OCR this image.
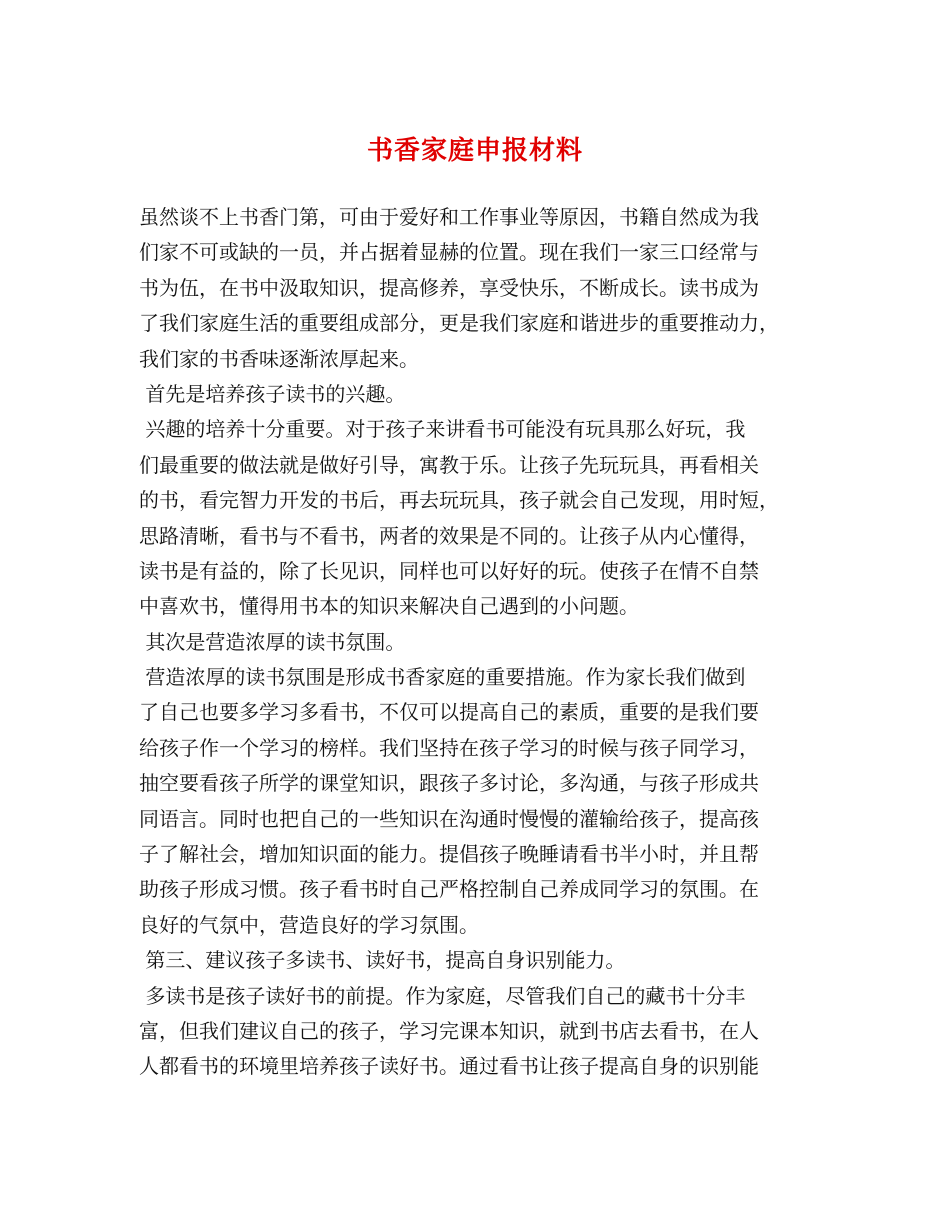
书香家庭申报材料
虽然谈不上书香门第，可由于爱好和工作事业等原因，书籍自然成为我
们家不可或缺的一员，并占据着显赫的位置。现在我们一家三口经常与
书为伍，在书中汲取知识，提高修养，享受快乐，不断成长。读书成为
了我们家庭生活的重要组成部分，更是我们家庭和谐进步的重要推动力，
我们家的书香味逐渐浓厚起来。
首先是培养孩子读书的兴趣。
兴趣的培养十分重要。对于孩子来讲看书可能没有玩具那么好玩，我
们最重要的做法就是做好引导，寓教于乐。让孩子先玩玩具，再看相关
的书，看完智力开发的书后，再去玩玩具，孩子就会自己发现，用时短，
思路清晰，看书与不看书，两者的效果是不同的。让孩子从内心懂得，
读书是有益的，除了长见识，同样也可以好好的玩。使孩子在情不自禁
中喜欢书，懂得用书本的知识来解决自己遇到的小问题。
其次是营造浓厚的读书氛围。
营造浓厚的读书氛围是形成书香家庭的重要措施。作为家长我们做到
了自己也要多学习多看书，不仅可以提高自己的素质，重要的是我们要
给孩子作一个学习的榜样。我们坚持在孩子学习的时候与孩子同学习，
抽空要看孩子所学的课堂知识，跟孩子多讨论，多沟通，与孩子形成共
同语言。同时也把自己的一些知识在沟通时慢慢的灌输给孩子，提高孩
子了解社会，增加知识面的能力。提倡孩子晚睡请看书半小时，并且帮
助孩子形成习惯。孩子看书时自己严格控制自己养成同学习的氛围。在
良好的气氛中，营造良好的学习氛围。
第三、建议孩子多读书、读好书，提高自身识别能力。
多读书是孩子读好书的前提。作为家庭，尽管我们自己的藏书十分丰
富，但我们建议自己的孩子，学习完课本知识，就到书店去看书，在人
人都看书的环境里培养孩子读好书。通过看书让孩子提高自身的识别能
